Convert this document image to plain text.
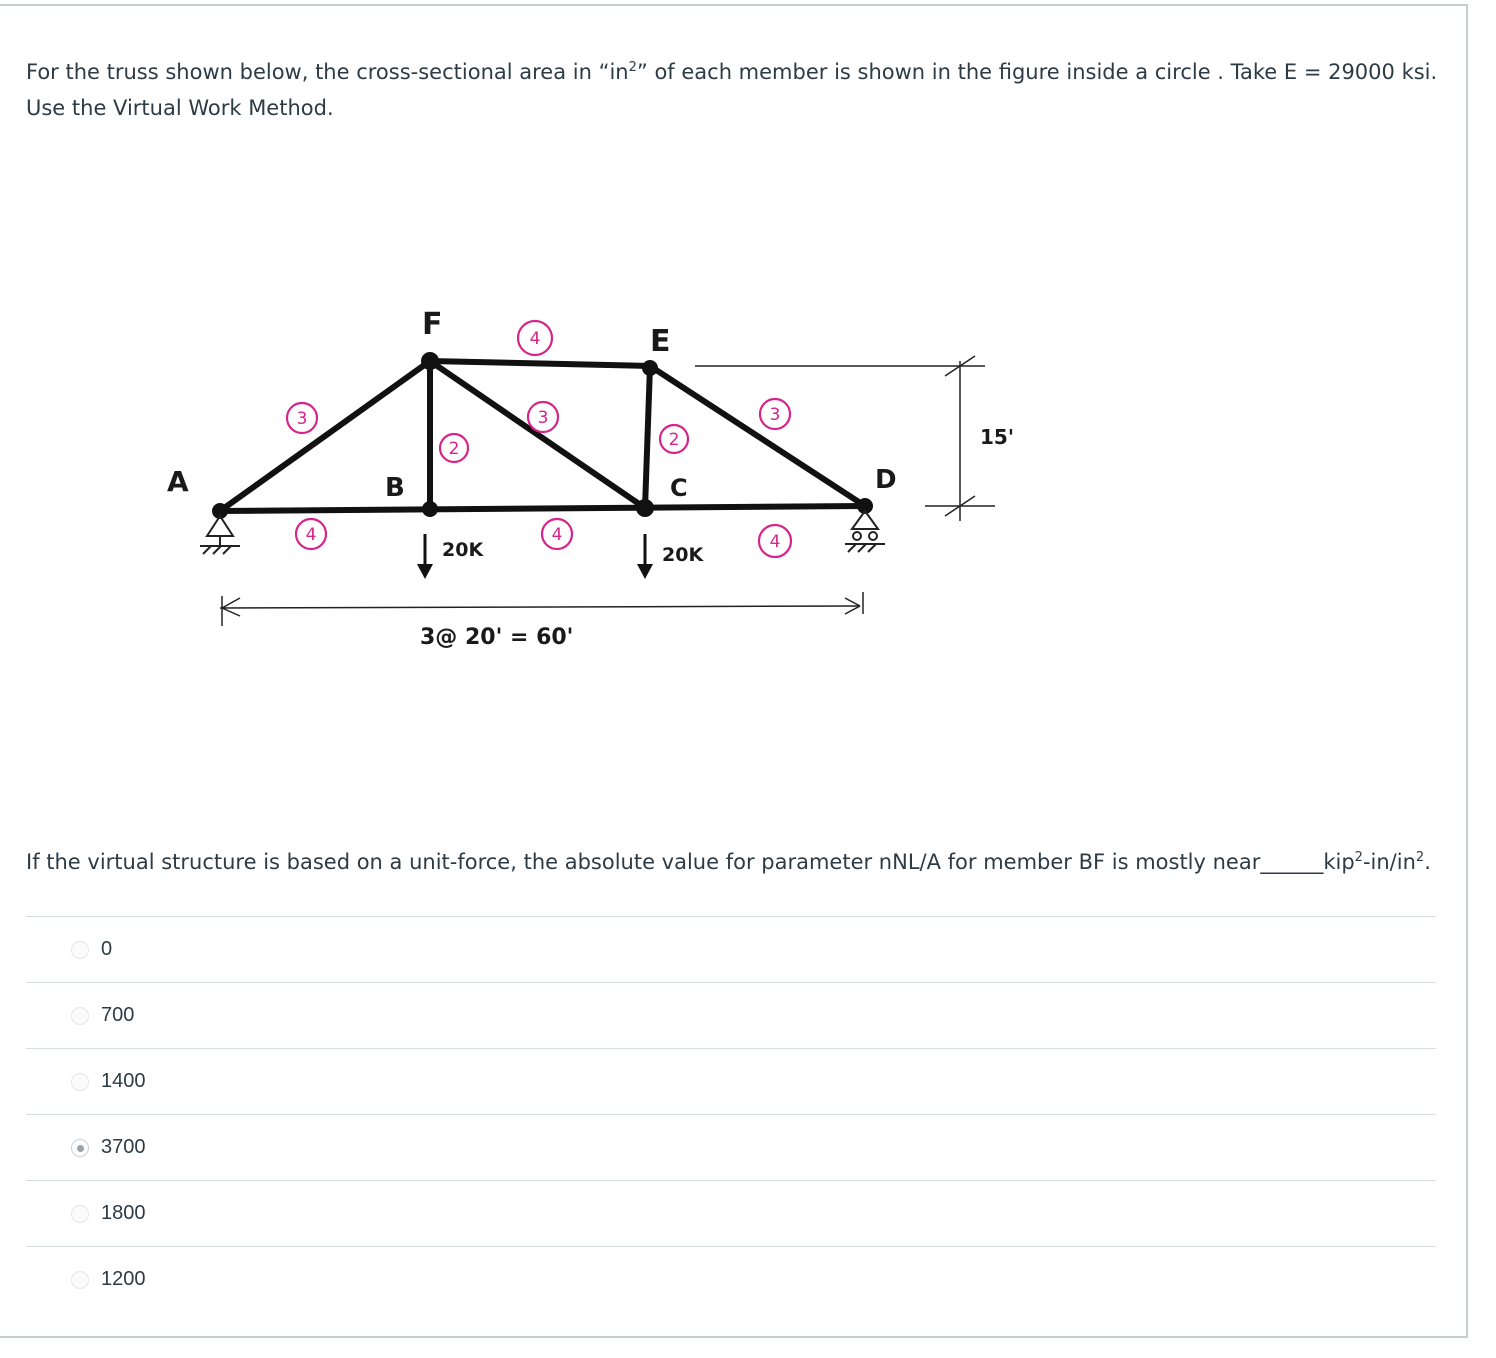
For the truss shown below, the cross-sectional area in “$in^2$” of each member is shown in the figure inside a circle . Take E = 29000 ksi.
Use the Virtual Work Method.
A	B	C	D
E
F
20K	20K
15'
3@ 20' = 60'
3
4
2
3
2
3
4	4	4
If the virtual structure is based on a unit-force, the absolute value for parameter nNL/A for member BF is mostly $near\_\_\_\_\_\_kip^2-in/in^2$.
0
700
1400
3700
1800
1200
